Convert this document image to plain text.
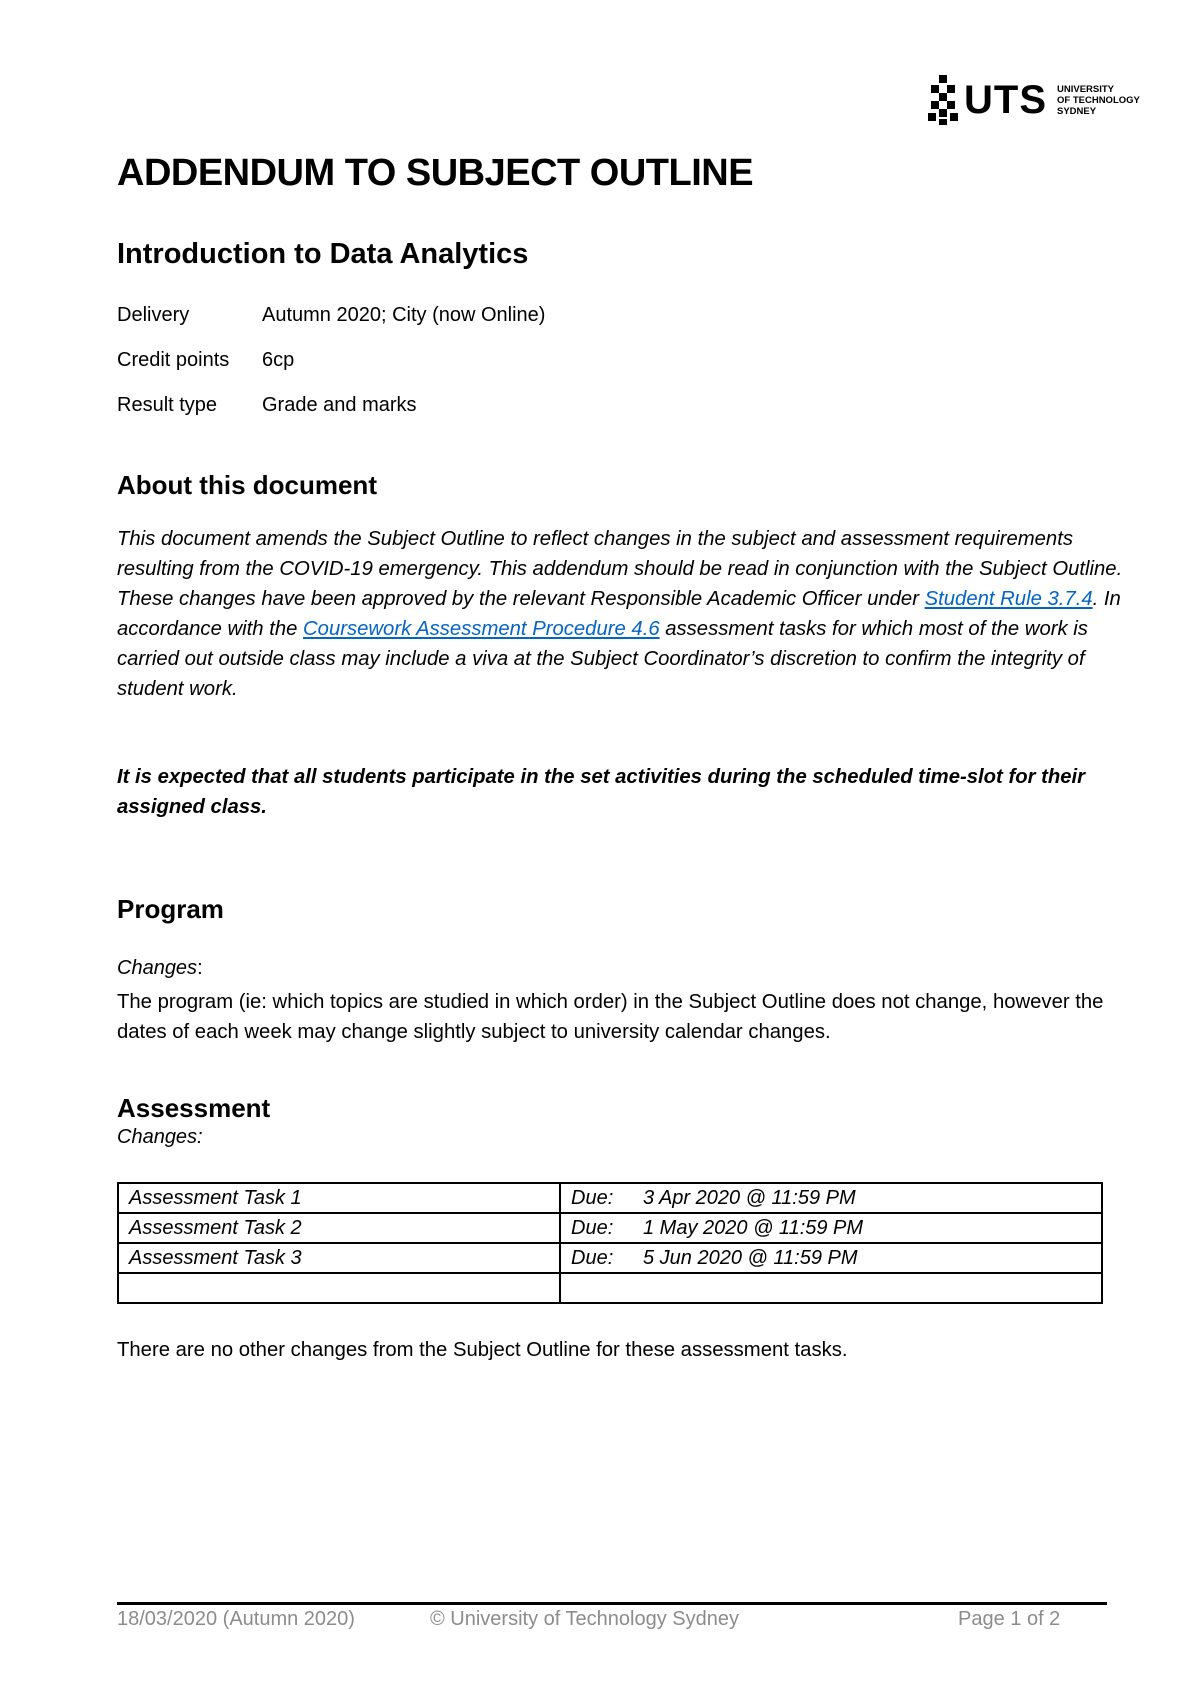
UTS UNIVERSITY
OF TECHNOLOGY
SYDNEY
ADDENDUM TO SUBJECT OUTLINE
Introduction to Data Analytics
Delivery	Autumn 2020; City (now Online)
Credit points	6cp
Result type	Grade and marks
About this document
This document amends the Subject Outline to reflect changes in the subject and assessment requirements resulting from the COVID-19 emergency. This addendum should be read in conjunction with the Subject Outline. These changes have been approved by the relevant Responsible Academic Officer under Student Rule 3.7.4. In accordance with the Coursework Assessment Procedure 4.6 assessment tasks for which most of the work is carried out outside class may include a viva at the Subject Coordinator’s discretion to confirm the integrity of student work.
It is expected that all students participate in the set activities during the scheduled time-slot for their assigned class.
Program
Changes:
The program (ie: which topics are studied in which order) in the Subject Outline does not change, however the dates of each week may change slightly subject to university calendar changes.
Assessment
Changes:
Assessment Task 1	Due: 3 Apr 2020 @ 11:59 PM
Assessment Task 2	Due: 1 May 2020 @ 11:59 PM
Assessment Task 3	Due: 5 Jun 2020 @ 11:59 PM

There are no other changes from the Subject Outline for these assessment tasks.
18/03/2020 (Autumn 2020)	© University of Technology Sydney	Page 1 of 2
